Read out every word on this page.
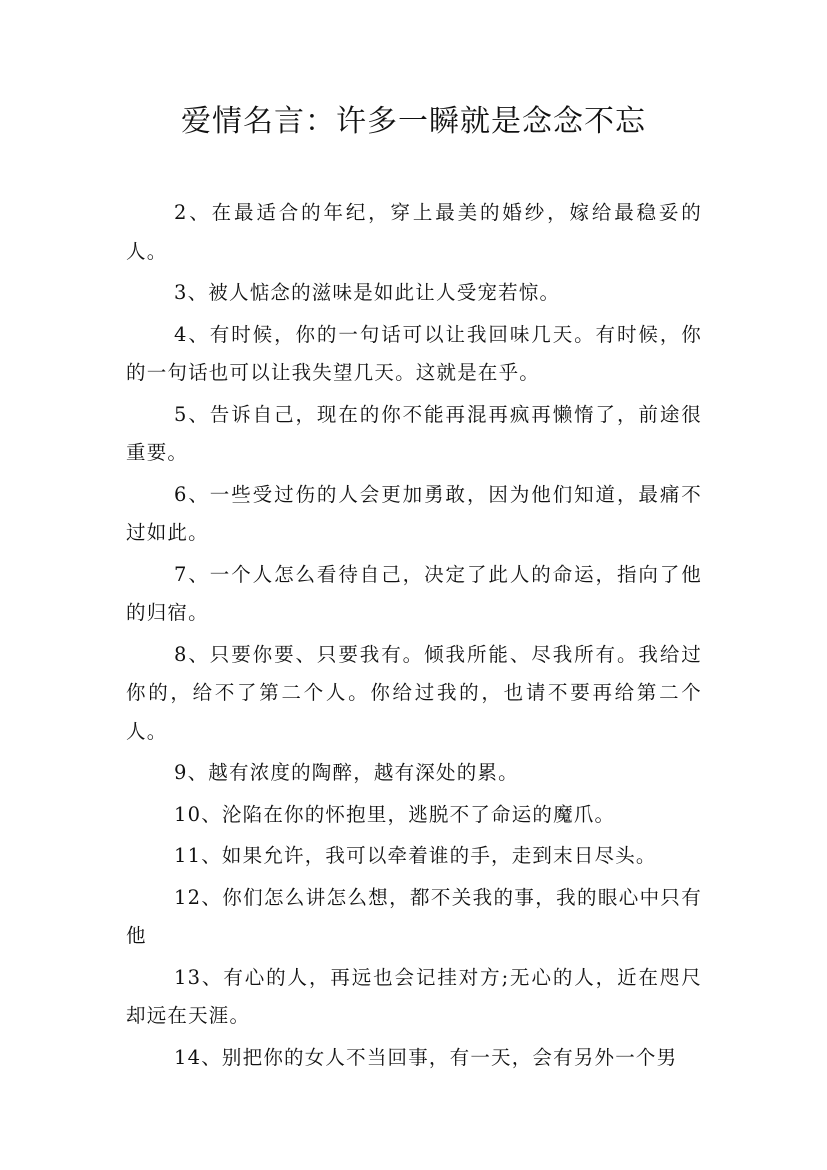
爱情名言：许多一瞬就是念念不忘

2、在最适合的年纪，穿上最美的婚纱，嫁给最稳妥的人。

3、被人惦念的滋味是如此让人受宠若惊。

4、有时候，你的一句话可以让我回味几天。有时候，你的一句话也可以让我失望几天。这就是在乎。

5、告诉自己，现在的你不能再混再疯再懒惰了，前途很重要。

6、一些受过伤的人会更加勇敢，因为他们知道，最痛不过如此。

7、一个人怎么看待自己，决定了此人的命运，指向了他的归宿。

8、只要你要、只要我有。倾我所能、尽我所有。我给过你的，给不了第二个人。你给过我的，也请不要再给第二个人。

9、越有浓度的陶醉，越有深处的累。

10、沦陷在你的怀抱里，逃脱不了命运的魔爪。

11、如果允许，我可以牵着谁的手，走到末日尽头。

12、你们怎么讲怎么想，都不关我的事，我的眼心中只有他

13、有心的人，再远也会记挂对方;无心的人，近在咫尺却远在天涯。

14、别把你的女人不当回事，有一天，会有另外一个男
